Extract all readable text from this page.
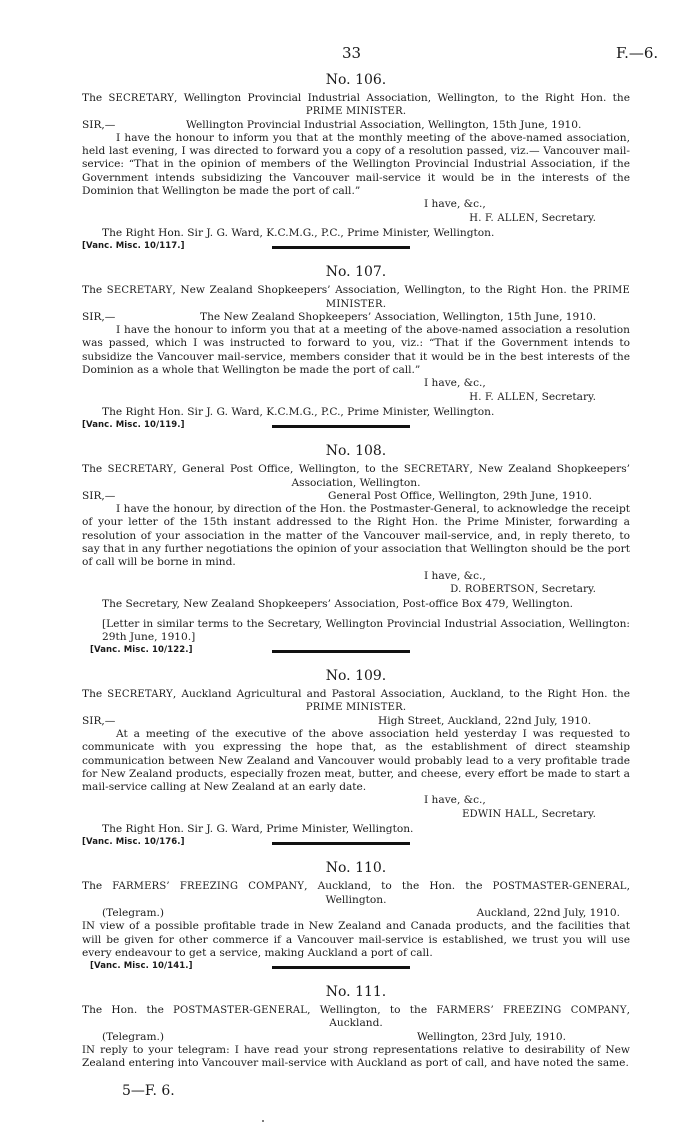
33	F.—6.
No. 106.
The SECRETARY, Wellington Provincial Industrial Association, Wellington, to the Right Hon. the PRIME MINISTER.
SIR,—	Wellington Provincial Industrial Association, Wellington, 15th June, 1910.

I have the honour to inform you that at the monthly meeting of the above-named association, held last evening, I was directed to forward you a copy of a resolution passed, viz.— Vancouver mail-service: “That in the opinion of members of the Wellington Provincial Industrial Association, if the Government intends subsidizing the Vancouver mail-service it would be in the interests of the Dominion that Wellington be made the port of call.”

I have, &c.,
H. F. ALLEN, Secretary.
The Right Hon. Sir J. G. Ward, K.C.M.G., P.C., Prime Minister, Wellington.
[Vanc. Misc. 10/117.]
No. 107.
The SECRETARY, New Zealand Shopkeepers’ Association, Wellington, to the Right Hon. the PRIME MINISTER.
SIR,—	The New Zealand Shopkeepers’ Association, Wellington, 15th June, 1910.

I have the honour to inform you that at a meeting of the above-named association a resolution was passed, which I was instructed to forward to you, viz.: “That if the Government intends to subsidize the Vancouver mail-service, members consider that it would be in the best interests of the Dominion as a whole that Wellington be made the port of call.”

I have, &c.,
H. F. ALLEN, Secretary.
The Right Hon. Sir J. G. Ward, K.C.M.G., P.C., Prime Minister, Wellington.
[Vanc. Misc. 10/119.]
No. 108.
The SECRETARY, General Post Office, Wellington, to the SECRETARY, New Zealand Shopkeepers’ Association, Wellington.
SIR,—	General Post Office, Wellington, 29th June, 1910.

I have the honour, by direction of the Hon. the Postmaster-General, to acknowledge the receipt of your letter of the 15th instant addressed to the Right Hon. the Prime Minister, forwarding a resolution of your association in the matter of the Vancouver mail-service, and, in reply thereto, to say that in any further negotiations the opinion of your association that Wellington should be the port of call will be borne in mind.

I have, &c.,
D. ROBERTSON, Secretary.
The Secretary, New Zealand Shopkeepers’ Association, Post-office Box 479, Wellington.
[Letter in similar terms to the Secretary, Wellington Provincial Industrial Association, Wellington: 29th June, 1910.]
[Vanc. Misc. 10/122.]
No. 109.
The SECRETARY, Auckland Agricultural and Pastoral Association, Auckland, to the Right Hon. the PRIME MINISTER.
SIR,—	High Street, Auckland, 22nd July, 1910.

At a meeting of the executive of the above association held yesterday I was requested to communicate with you expressing the hope that, as the establishment of direct steamship communication between New Zealand and Vancouver would probably lead to a very profitable trade for New Zealand products, especially frozen meat, butter, and cheese, every effort be made to start a mail-service calling at New Zealand at an early date.

I have, &c.,
EDWIN HALL, Secretary.
The Right Hon. Sir J. G. Ward, Prime Minister, Wellington.
[Vanc. Misc. 10/176.]
No. 110.
The FARMERS’ FREEZING COMPANY, Auckland, to the Hon. the POSTMASTER-GENERAL, Wellington.
(Telegram.)	Auckland, 22nd July, 1910.

IN view of a possible profitable trade in New Zealand and Canada products, and the facilities that will be given for other commerce if a Vancouver mail-service is established, we trust you will use every endeavour to get a service, making Auckland a port of call.

[Vanc. Misc. 10/141.]
No. 111.
The Hon. the POSTMASTER-GENERAL, Wellington, to the FARMERS’ FREEZING COMPANY, Auckland.
(Telegram.)	Wellington, 23rd July, 1910.

IN reply to your telegram: I have read your strong representations relative to desirability of New Zealand entering into Vancouver mail-service with Auckland as port of call, and have noted the same.

5—F. 6.
